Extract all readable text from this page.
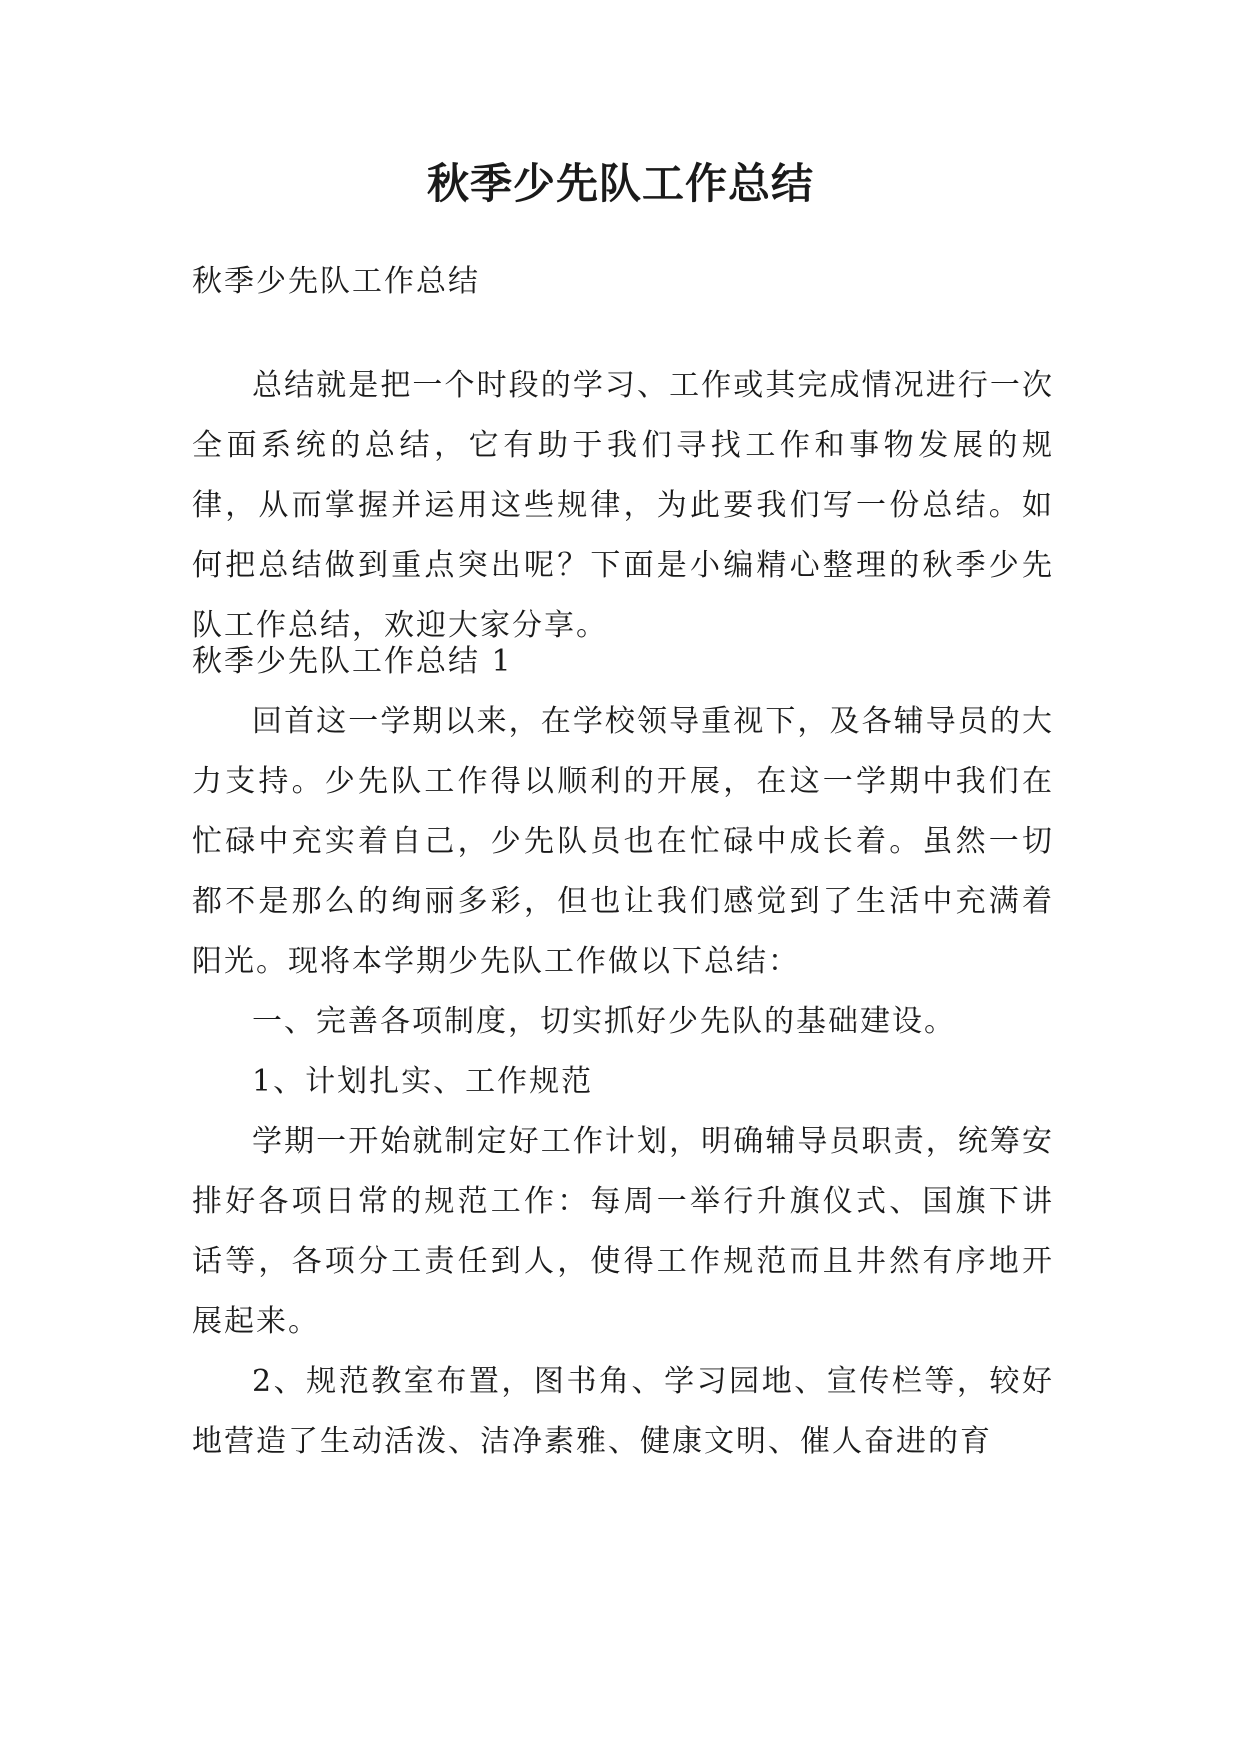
秋季少先队工作总结
秋季少先队工作总结

总结就是把一个时段的学习、工作或其完成情况进行一次全面系统的总结，它有助于我们寻找工作和事物发展的规律，从而掌握并运用这些规律，为此要我们写一份总结。如何把总结做到重点突出呢？下面是小编精心整理的秋季少先队工作总结，欢迎大家分享。

秋季少先队工作总结 1

回首这一学期以来，在学校领导重视下，及各辅导员的大力支持。少先队工作得以顺利的开展，在这一学期中我们在忙碌中充实着自己，少先队员也在忙碌中成长着。虽然一切都不是那么的绚丽多彩，但也让我们感觉到了生活中充满着阳光。现将本学期少先队工作做以下总结：

一、完善各项制度，切实抓好少先队的基础建设。

1、计划扎实、工作规范

学期一开始就制定好工作计划，明确辅导员职责，统筹安排好各项日常的规范工作：每周一举行升旗仪式、国旗下讲话等，各项分工责任到人，使得工作规范而且井然有序地开展起来。

2、规范教室布置，图书角、学习园地、宣传栏等，较好地营造了生动活泼、洁净素雅、健康文明、催人奋进的育
